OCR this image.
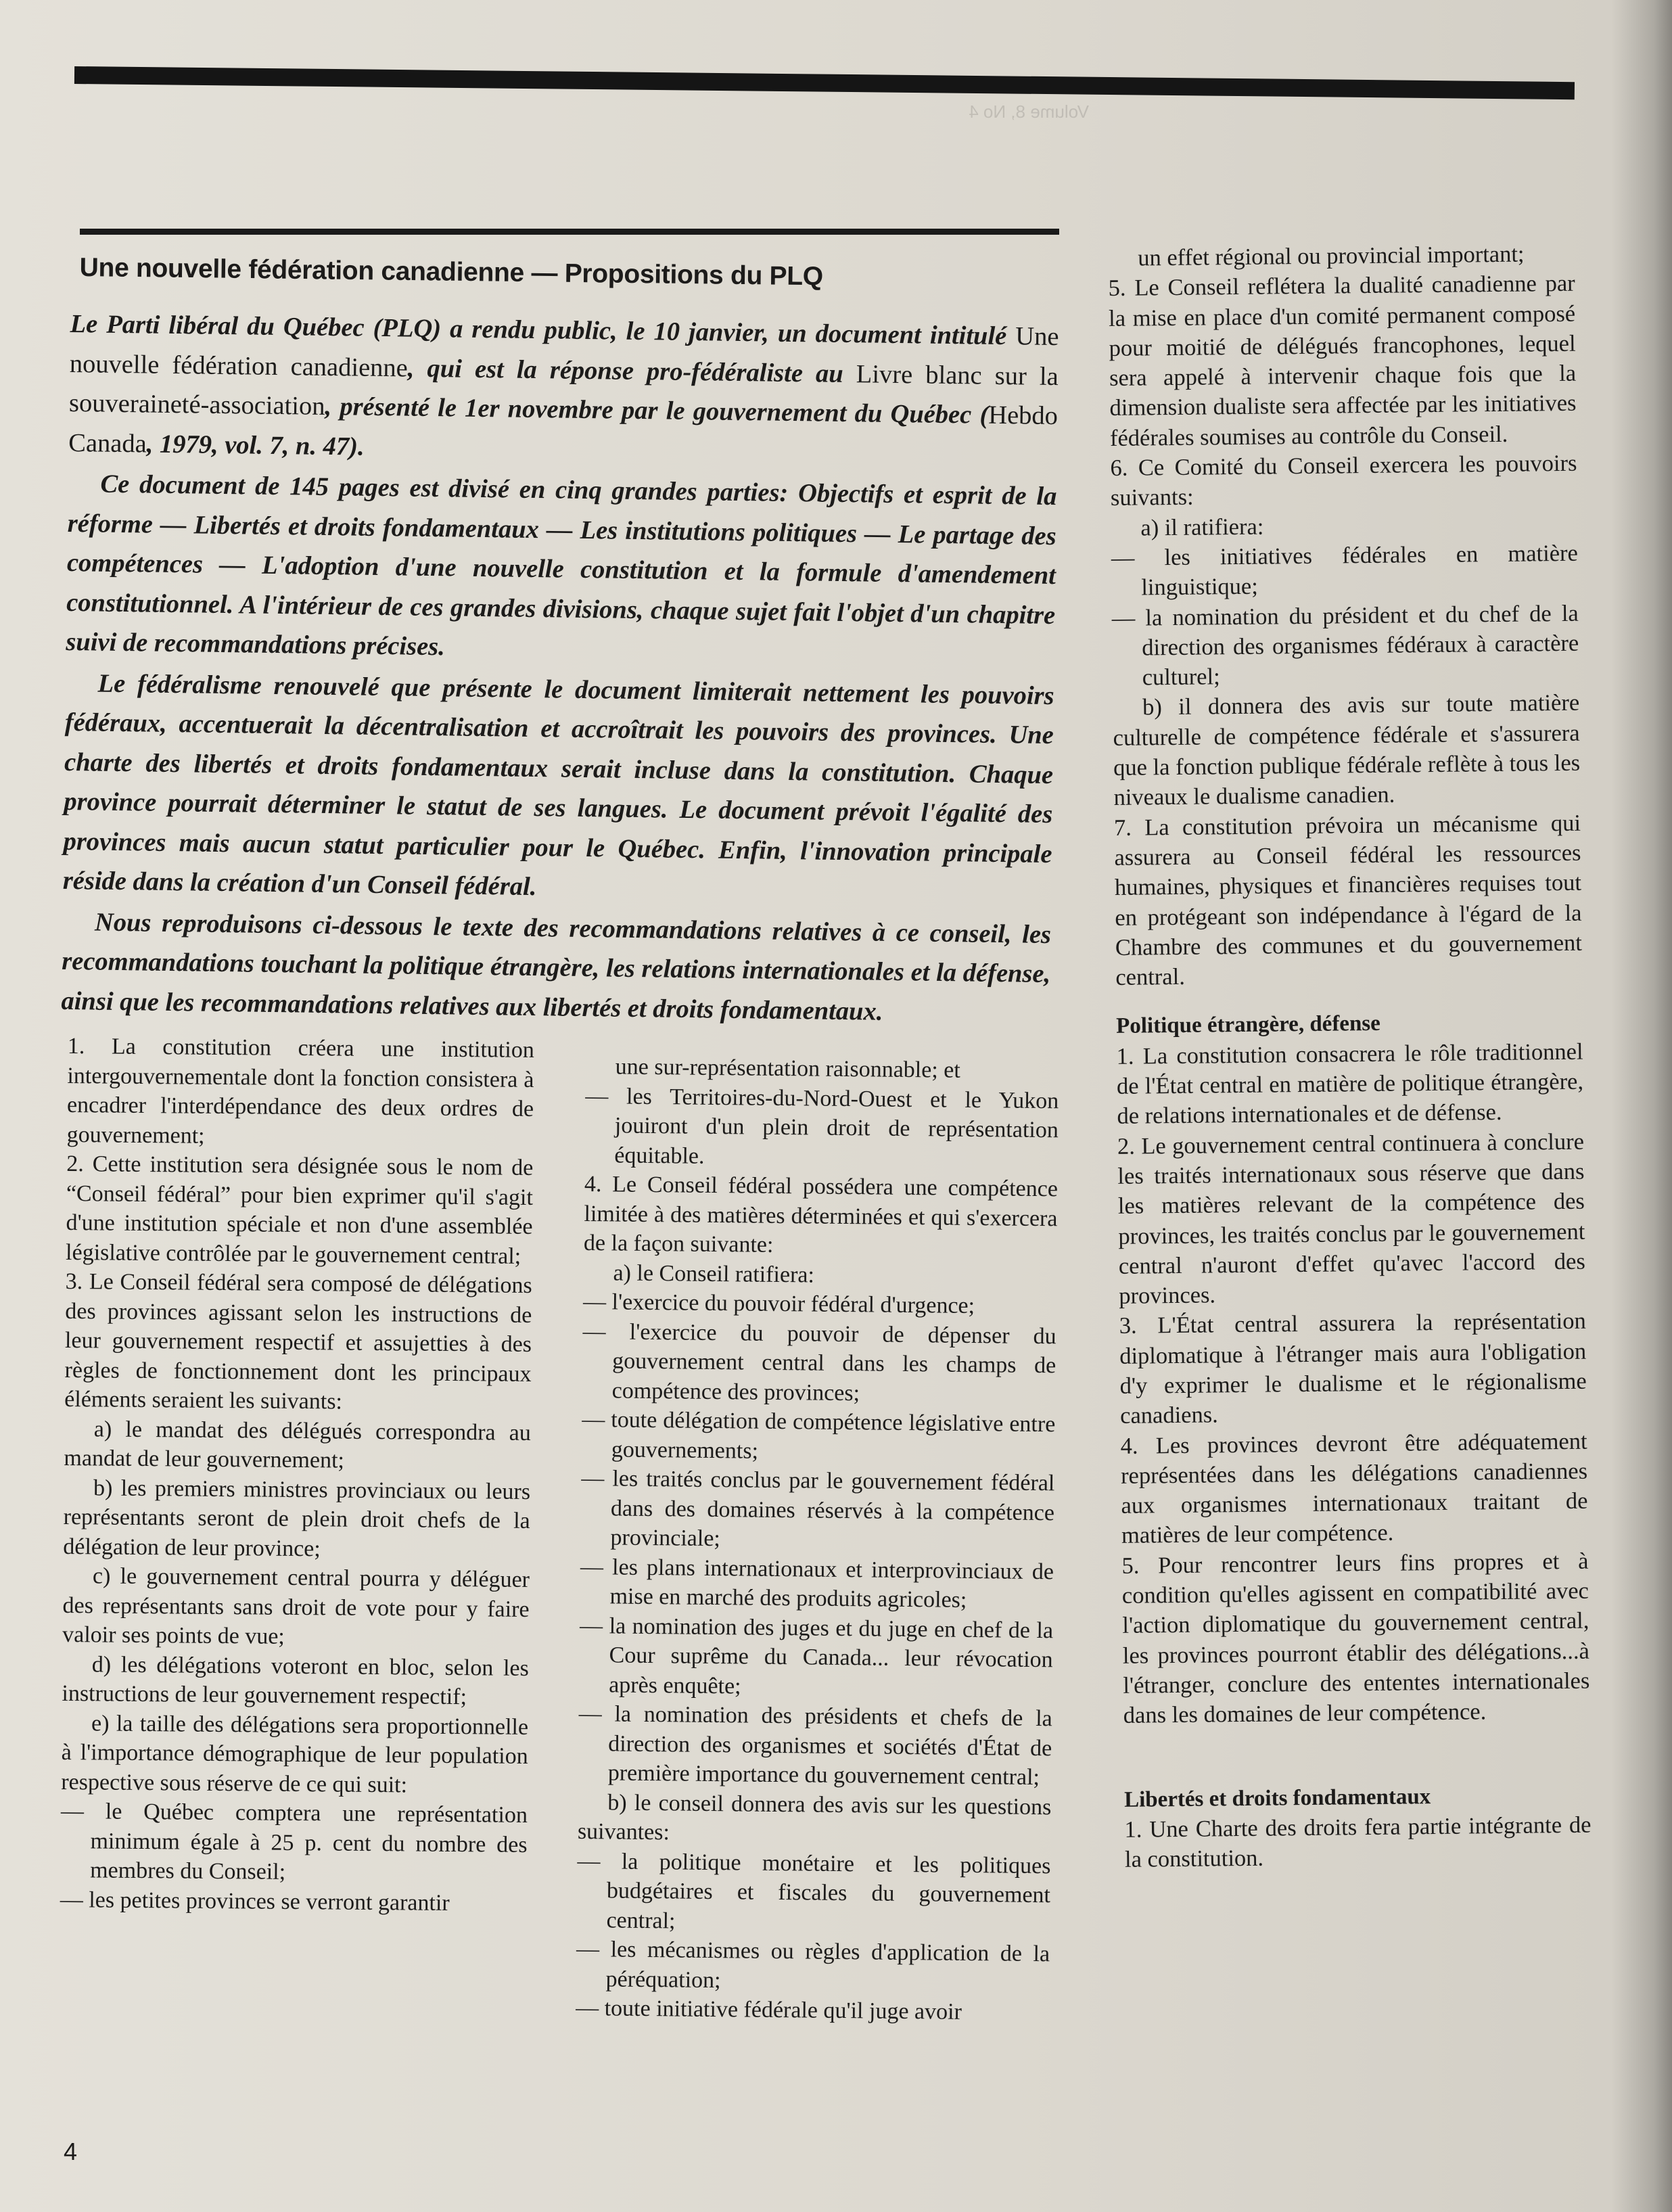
Volume 8, No 4
Une nouvelle fédération canadienne — Propositions du PLQ

Le Parti libéral du Québec (PLQ) a rendu public, le 10 janvier, un document intitulé Une nouvelle fédération canadienne, qui est la réponse pro-fédéraliste au Livre blanc sur la souveraineté-association, présenté le 1er novembre par le gouvernement du Québec (Hebdo Canada, 1979, vol. 7, n. 47).

Ce document de 145 pages est divisé en cinq grandes parties: Objectifs et esprit de la réforme — Libertés et droits fondamentaux — Les institutions politiques — Le partage des compétences — L'adoption d'une nouvelle constitution et la formule d'amendement constitutionnel. A l'intérieur de ces grandes divisions, chaque sujet fait l'objet d'un chapitre suivi de recommandations précises.

Le fédéralisme renouvelé que présente le document limiterait nettement les pouvoirs fédéraux, accentuerait la décentralisation et accroîtrait les pouvoirs des provinces. Une charte des libertés et droits fondamentaux serait incluse dans la constitution. Chaque province pourrait déterminer le statut de ses langues. Le document prévoit l'égalité des provinces mais aucun statut particulier pour le Québec. Enfin, l'innovation principale réside dans la création d'un Conseil fédéral.

Nous reproduisons ci-dessous le texte des recommandations relatives à ce conseil, les recommandations touchant la politique étrangère, les relations internationales et la défense, ainsi que les recommandations relatives aux libertés et droits fondamentaux.

1. La constitution créera une institution intergouvernementale dont la fonction consistera à encadrer l'interdépendance des deux ordres de gouvernement;

2. Cette institution sera désignée sous le nom de “Conseil fédéral” pour bien exprimer qu'il s'agit d'une institution spéciale et non d'une assemblée législative contrôlée par le gouvernement central;

3. Le Conseil fédéral sera composé de délégations des provinces agissant selon les instructions de leur gouvernement respectif et assujetties à des règles de fonctionnement dont les principaux éléments seraient les suivants:

a) le mandat des délégués correspondra au mandat de leur gouvernement;

b) les premiers ministres provinciaux ou leurs représentants seront de plein droit chefs de la délégation de leur province;

c) le gouvernement central pourra y déléguer des représentants sans droit de vote pour y faire valoir ses points de vue;

d) les délégations voteront en bloc, selon les instructions de leur gouvernement respectif;

e) la taille des délégations sera proportionnelle à l'importance démographique de leur population respective sous réserve de ce qui suit:

— le Québec comptera une représentation minimum égale à 25 p. cent du nombre des membres du Conseil;

— les petites provinces se verront garantir

une sur-représentation raisonnable; et

— les Territoires-du-Nord-Ouest et le Yukon jouiront d'un plein droit de représentation équitable.

4. Le Conseil fédéral possédera une compétence limitée à des matières déterminées et qui s'exercera de la façon suivante:

a) le Conseil ratifiera:

— l'exercice du pouvoir fédéral d'urgence;

— l'exercice du pouvoir de dépenser du gouvernement central dans les champs de compétence des provinces;

— toute délégation de compétence législative entre gouvernements;

— les traités conclus par le gouvernement fédéral dans des domaines réservés à la compétence provinciale;

— les plans internationaux et interprovinciaux de mise en marché des produits agricoles;

— la nomination des juges et du juge en chef de la Cour suprême du Canada... leur révocation après enquête;

— la nomination des présidents et chefs de la direction des organismes et sociétés d'État de première importance du gouvernement central;

b) le conseil donnera des avis sur les questions suivantes:

— la politique monétaire et les politiques budgétaires et fiscales du gouvernement central;

— les mécanismes ou règles d'application de la péréquation;

— toute initiative fédérale qu'il juge avoir

un effet régional ou provincial important;

5. Le Conseil reflétera la dualité canadienne par la mise en place d'un comité permanent composé pour moitié de délégués francophones, lequel sera appelé à intervenir chaque fois que la dimension dualiste sera affectée par les initiatives fédérales soumises au contrôle du Conseil.

6. Ce Comité du Conseil exercera les pouvoirs suivants:

a) il ratifiera:

— les initiatives fédérales en matière linguistique;

— la nomination du président et du chef de la direction des organismes fédéraux à caractère culturel;

b) il donnera des avis sur toute matière culturelle de compétence fédérale et s'assurera que la fonction publique fédérale reflète à tous les niveaux le dualisme canadien.

7. La constitution prévoira un mécanisme qui assurera au Conseil fédéral les ressources humaines, physiques et financières requises tout en protégeant son indépendance à l'égard de la Chambre des communes et du gouvernement central.

Politique étrangère, défense

1. La constitution consacrera le rôle traditionnel de l'État central en matière de politique étrangère, de relations internationales et de défense.

2. Le gouvernement central continuera à conclure les traités internationaux sous réserve que dans les matières relevant de la compétence des provinces, les traités conclus par le gouvernement central n'auront d'effet qu'avec l'accord des provinces.

3. L'État central assurera la représentation diplomatique à l'étranger mais aura l'obligation d'y exprimer le dualisme et le régionalisme canadiens.

4. Les provinces devront être adéquatement représentées dans les délégations canadiennes aux organismes internationaux traitant de matières de leur compétence.

5. Pour rencontrer leurs fins propres et à condition qu'elles agissent en compatibilité avec l'action diplomatique du gouvernement central, les provinces pourront établir des délégations...à l'étranger, conclure des ententes internationales dans les domaines de leur compétence.

Libertés et droits fondamentaux

1. Une Charte des droits fera partie intégrante de la constitution.

4
